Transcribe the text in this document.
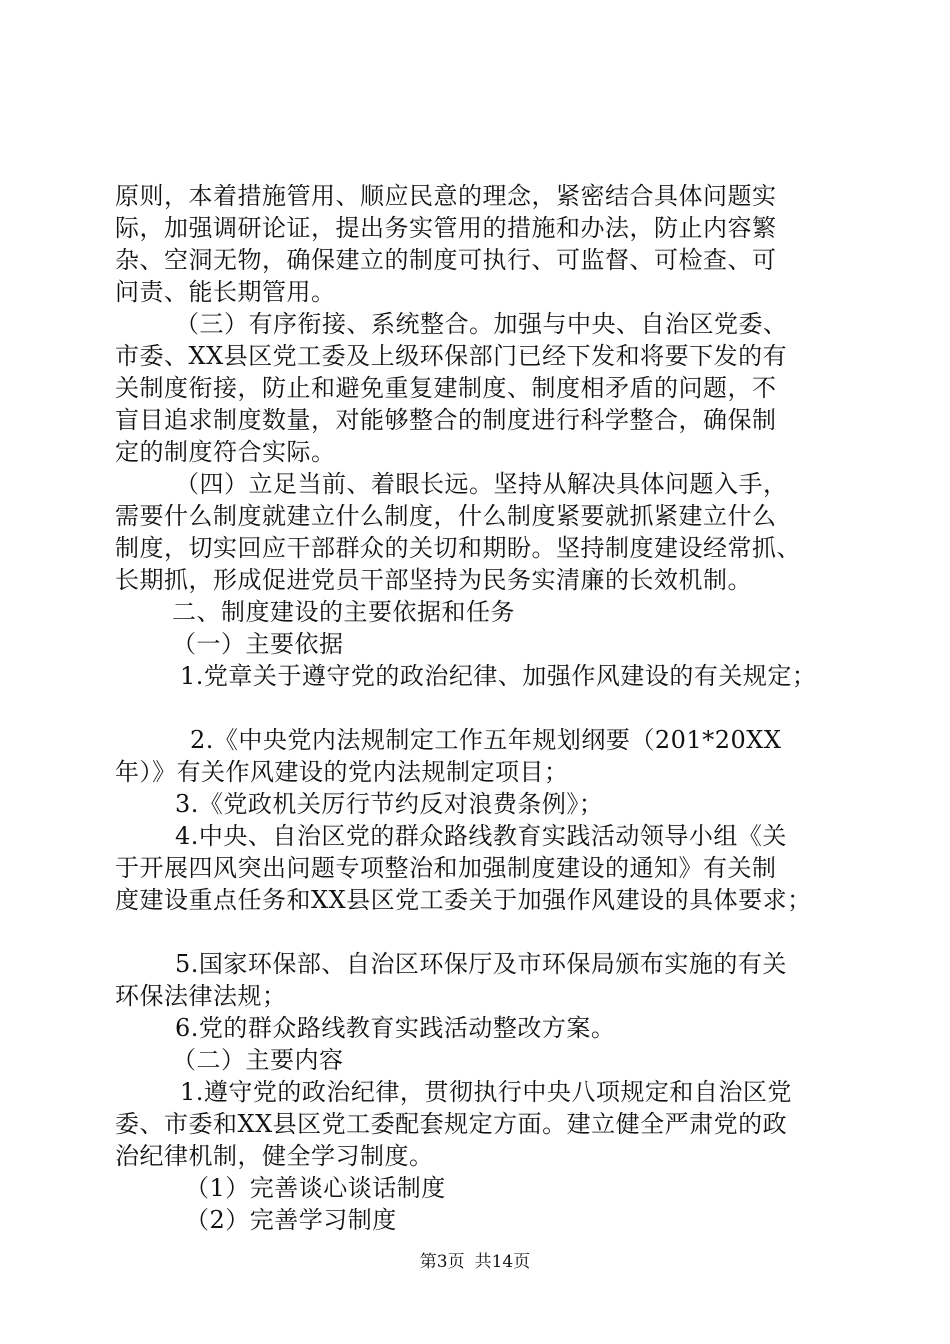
原则，本着措施管用、顺应民意的理念，紧密结合具体问题实
际，加强调研论证，提出务实管用的措施和办法，防止内容繁
杂、空洞无物，确保建立的制度可执行、可监督、可检查、可
问责、能长期管用。
（三）有序衔接、系统整合。加强与中央、自治区党委、
市委、XX县区党工委及上级环保部门已经下发和将要下发的有
关制度衔接，防止和避免重复建制度、制度相矛盾的问题，不
盲目追求制度数量，对能够整合的制度进行科学整合，确保制
定的制度符合实际。
（四）立足当前、着眼长远。坚持从解决具体问题入手，
需要什么制度就建立什么制度，什么制度紧要就抓紧建立什么
制度，切实回应干部群众的关切和期盼。坚持制度建设经常抓、
长期抓，形成促进党员干部坚持为民务实清廉的长效机制。
二、制度建设的主要依据和任务
（一）主要依据
1.党章关于遵守党的政治纪律、加强作风建设的有关规定；
2.《中央党内法规制定工作五年规划纲要（201*20XX
年）》有关作风建设的党内法规制定项目；
3.《党政机关厉行节约反对浪费条例》；
4.中央、自治区党的群众路线教育实践活动领导小组《关
于开展四风突出问题专项整治和加强制度建设的通知》有关制
度建设重点任务和XX县区党工委关于加强作风建设的具体要求；
5.国家环保部、自治区环保厅及市环保局颁布实施的有关
环保法律法规；
6.党的群众路线教育实践活动整改方案。
（二）主要内容
1.遵守党的政治纪律，贯彻执行中央八项规定和自治区党
委、市委和XX县区党工委配套规定方面。建立健全严肃党的政
治纪律机制，健全学习制度。
（1）完善谈心谈话制度
（2）完善学习制度
第3页 共14页
